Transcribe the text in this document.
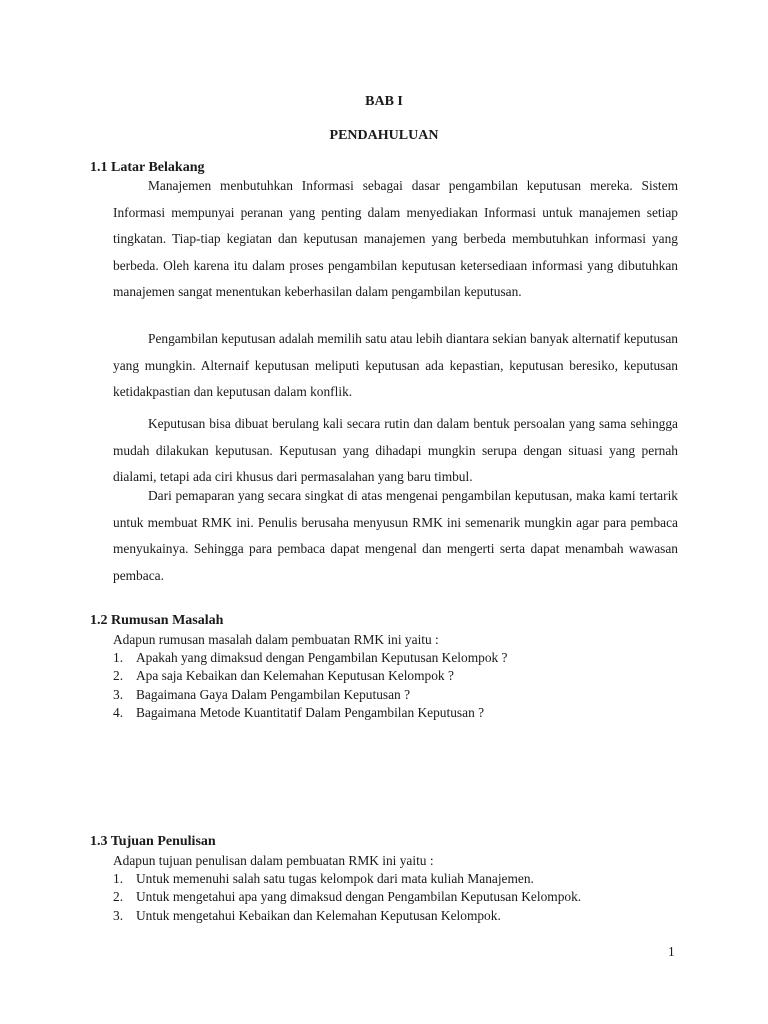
BAB I
PENDAHULUAN
1.1 Latar Belakang
Manajemen menbutuhkan Informasi sebagai dasar pengambilan keputusan mereka. Sistem Informasi mempunyai peranan yang penting dalam menyediakan Informasi untuk manajemen setiap tingkatan. Tiap-tiap kegiatan dan keputusan manajemen yang berbeda membutuhkan informasi yang berbeda. Oleh karena itu dalam proses pengambilan keputusan ketersediaan informasi yang dibutuhkan manajemen sangat menentukan keberhasilan dalam pengambilan keputusan.
Pengambilan keputusan adalah memilih satu atau lebih diantara sekian banyak alternatif keputusan yang mungkin. Alternaif keputusan meliputi keputusan ada kepastian, keputusan beresiko, keputusan ketidakpastian dan keputusan dalam konflik.
Keputusan bisa dibuat berulang kali secara rutin dan dalam bentuk persoalan yang sama sehingga mudah dilakukan keputusan. Keputusan yang dihadapi mungkin serupa dengan situasi yang pernah dialami, tetapi ada ciri khusus dari permasalahan yang baru timbul.
Dari pemaparan yang secara singkat di atas mengenai pengambilan keputusan, maka kami tertarik untuk membuat RMK ini. Penulis berusaha menyusun RMK ini semenarik mungkin agar para pembaca menyukainya. Sehingga para pembaca dapat mengenal dan mengerti serta dapat menambah wawasan pembaca.
1.2 Rumusan Masalah
Adapun rumusan masalah dalam pembuatan RMK ini yaitu :
1. Apakah yang dimaksud dengan Pengambilan Keputusan Kelompok ?
2. Apa saja Kebaikan dan Kelemahan Keputusan Kelompok ?
3. Bagaimana Gaya Dalam Pengambilan Keputusan ?
4. Bagaimana Metode Kuantitatif Dalam Pengambilan Keputusan ?
1.3 Tujuan Penulisan
Adapun tujuan penulisan dalam pembuatan RMK ini yaitu :
1. Untuk memenuhi salah satu tugas kelompok dari mata kuliah Manajemen.
2. Untuk mengetahui apa yang dimaksud dengan Pengambilan Keputusan Kelompok.
3. Untuk mengetahui Kebaikan dan Kelemahan Keputusan Kelompok.
1
